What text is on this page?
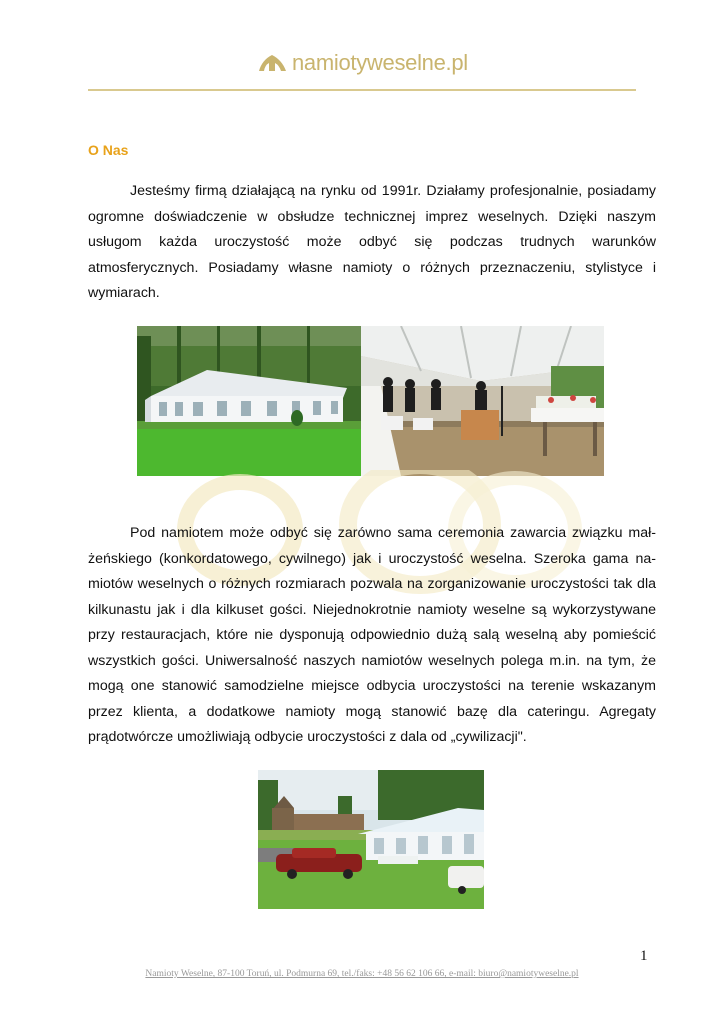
namiotyweselne.pl
O Nas

Jesteśmy firmą działającą na rynku od 1991r. Działamy profesjonalnie, posiadamy ogromne doświadczenie w obsłudze technicznej imprez weselnych. Dzięki naszym usługom każda uroczystość może odbyć się podczas trudnych warunków atmosferycznych. Posiadamy własne namioty o różnych przeznaczeniu, stylistyce i wymiarach.

Pod namiotem może odbyć się zarówno sama ceremonia zawarcia związku małżeńskiego (konkordatowego, cywilnego) jak i uroczystość weselna. Szeroka gama namiotów weselnych o różnych rozmiarach pozwala na zorganizowanie uroczystości tak dla kilkunastu jak i dla kilkuset gości. Niejednokrotnie namioty weselne są wykorzystywane przy restauracjach, które nie dysponują odpowiednio dużą salą weselną aby pomieścić wszystkich gości. Uniwersalność naszych namiotów weselnych polega m.in. na tym, że mogą one stanowić samodzielne miejsce odbycia uroczystości na terenie wskazanym przez klienta, a dodatkowe namioty mogą stanowić bazę dla cateringu. Agregaty prądotwórcze umożliwiają odbycie uroczystości z dala od „cywilizacji".

1
Namioty Weselne, 87-100 Toruń, ul. Podmurna 69, tel./faks: +48 56 62 106 66, e-mail: biuro@namiotyweselne.pl
